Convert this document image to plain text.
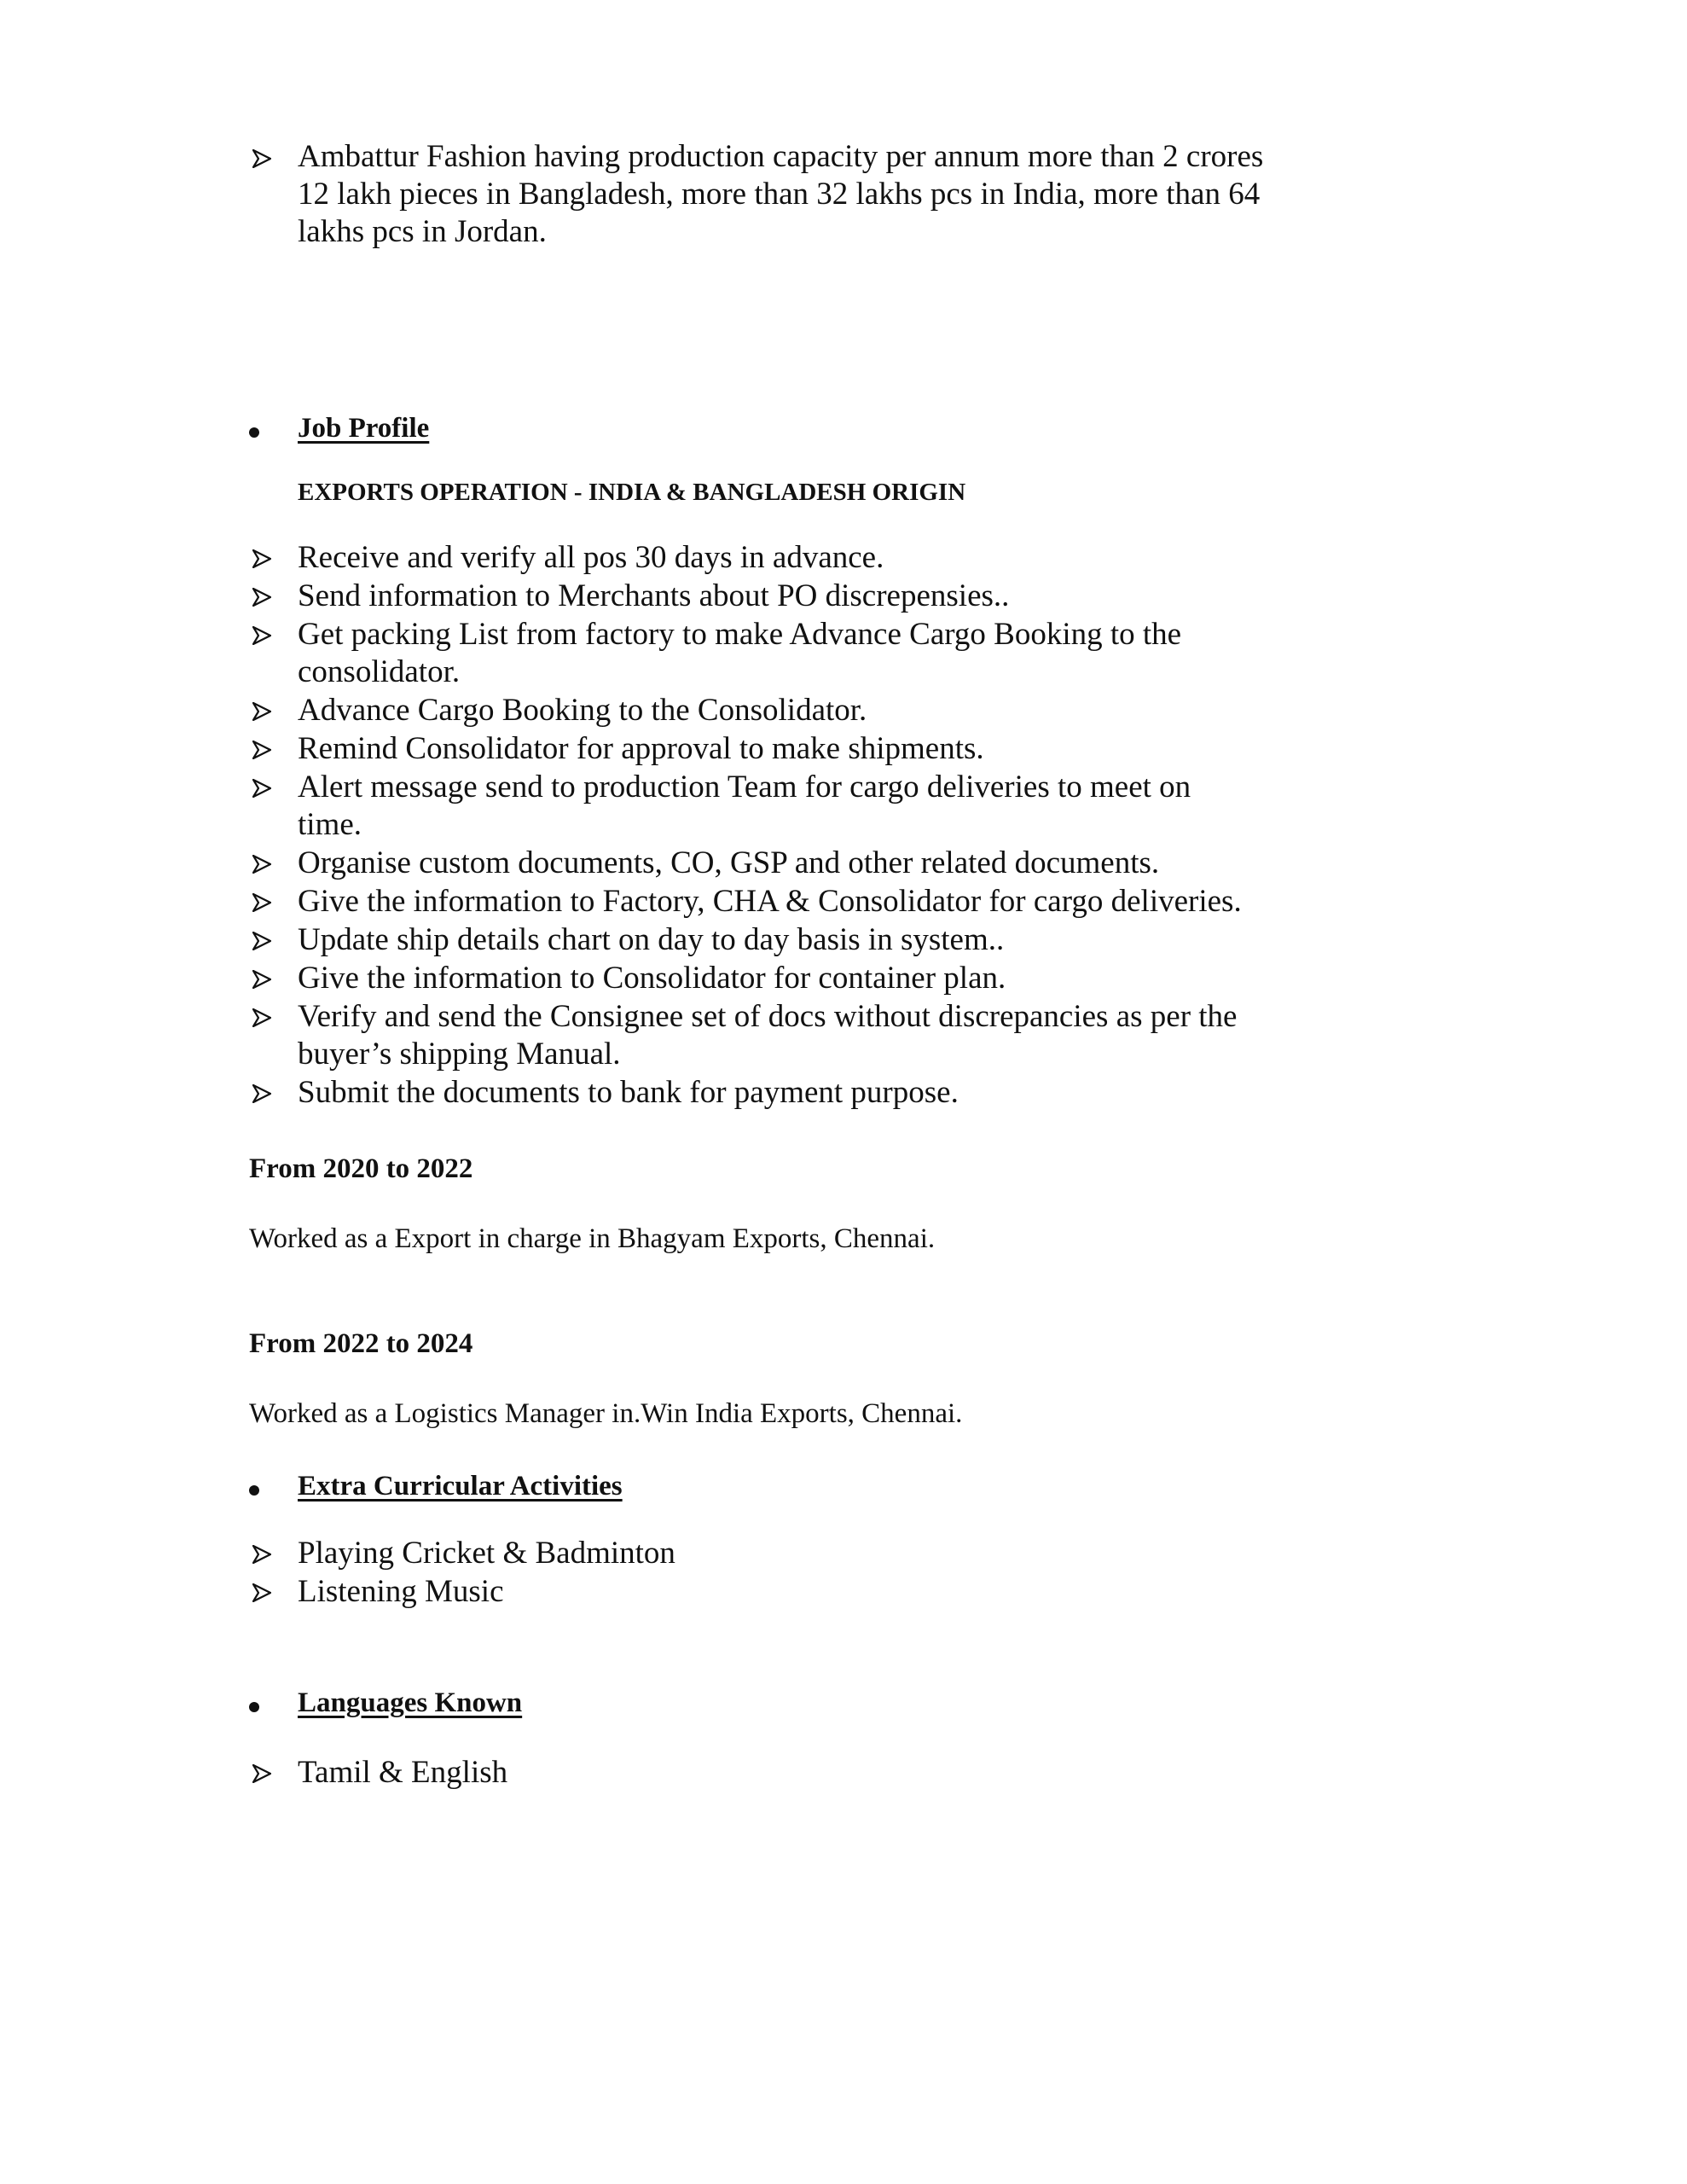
Ambattur Fashion having production capacity per annum more than 2 crores
12 lakh pieces in Bangladesh, more than 32 lakhs pcs in India, more than 64
lakhs pcs in Jordan.
Job Profile
EXPORTS OPERATION - INDIA & BANGLADESH ORIGIN
Receive and verify all pos 30 days in advance.
Send information to Merchants about PO discrepensies..
Get packing List from factory to make Advance Cargo Booking to the
consolidator.
Advance Cargo Booking to the Consolidator.
Remind Consolidator for approval to make shipments.
Alert message send to production Team for cargo deliveries to meet on
time.
Organise custom documents, CO, GSP and other related documents.
Give the information to Factory, CHA & Consolidator for cargo deliveries.
Update ship details chart on day to day basis in system..
Give the information to Consolidator for container plan.
Verify and send the Consignee set of docs without discrepancies as per the
buyer’s shipping Manual.
Submit the documents to bank for payment purpose.
From 2020 to 2022
Worked as a Export in charge in Bhagyam Exports, Chennai.
From 2022 to 2024
Worked as a Logistics Manager in.Win India Exports, Chennai.
Extra Curricular Activities
Playing Cricket & Badminton
Listening Music
Languages Known
Tamil & English
